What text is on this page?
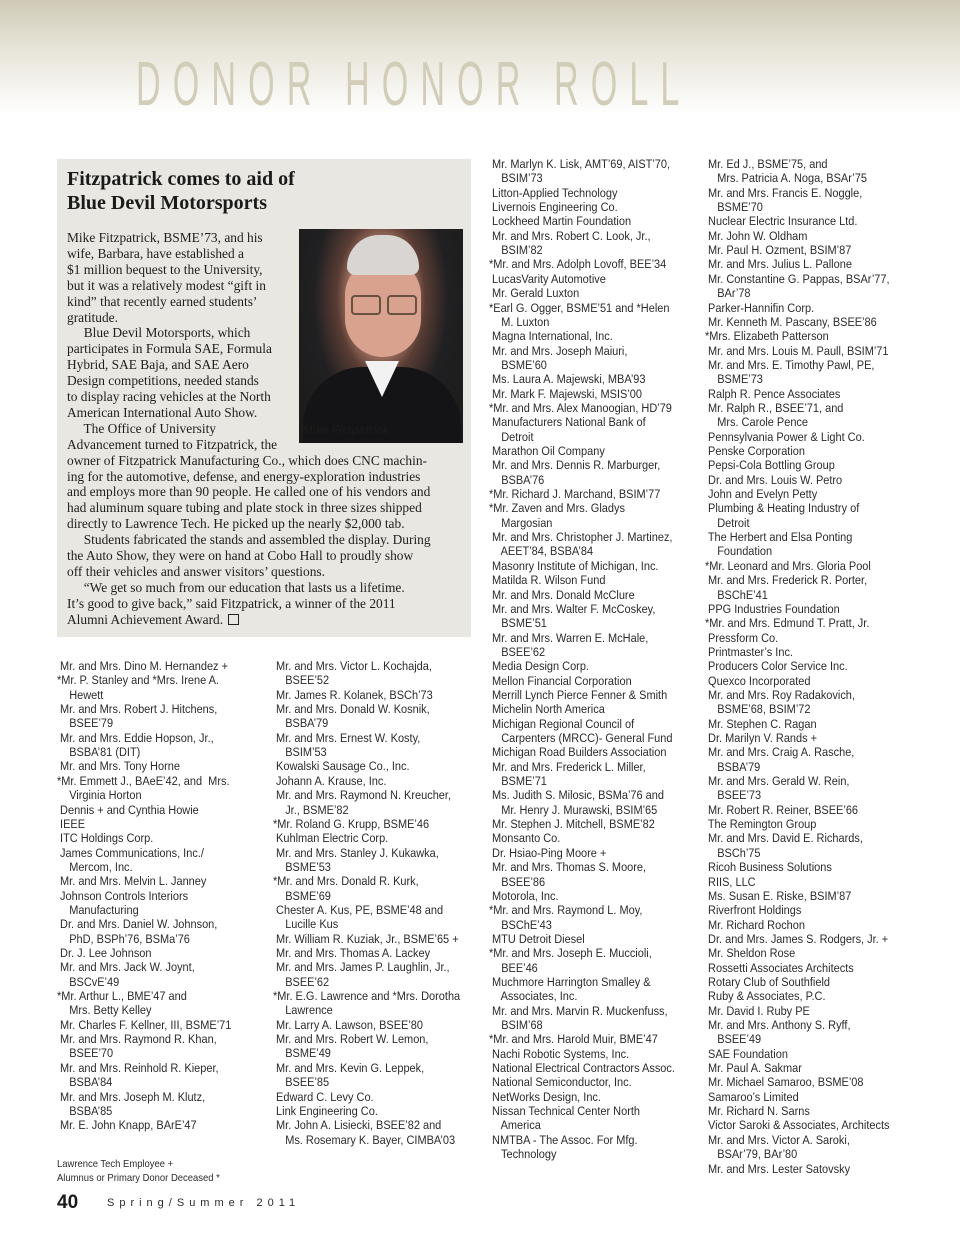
DONOR HONOR ROLL
Fitzpatrick comes to aid of
Blue Devil Motorsports
Mike Fitzpatrick
Mike Fitzpatrick, BSME’73, and his
wife, Barbara, have established a
$1 million bequest to the University,
but it was a relatively modest “gift in
kind” that recently earned students’
gratitude.
Blue Devil Motorsports, which
participates in Formula SAE, Formula
Hybrid, SAE Baja, and SAE Aero
Design competitions, needed stands
to display racing vehicles at the North
American International Auto Show.
The Office of University
Advancement turned to Fitzpatrick, the
owner of Fitzpatrick Manufacturing Co., which does CNC machin-
ing for the automotive, defense, and energy-exploration industries
and employs more than 90 people. He called one of his vendors and
had aluminum square tubing and plate stock in three sizes shipped
directly to Lawrence Tech. He picked up the nearly $2,000 tab.
Students fabricated the stands and assembled the display. During
the Auto Show, they were on hand at Cobo Hall to proudly show
off their vehicles and answer visitors’ questions.
“We get so much from our education that lasts us a lifetime.
It’s good to give back,” said Fitzpatrick, a winner of the 2011
Alumni Achievement Award.
Mr. and Mrs. Dino M. Hernandez +
*Mr. P. Stanley and *Mrs. Irene A.
Hewett
Mr. and Mrs. Robert J. Hitchens,
BSEE’79
Mr. and Mrs. Eddie Hopson, Jr.,
BSBA’81 (DIT)
Mr. and Mrs. Tony Horne
*Mr. Emmett J., BAeE’42, and  Mrs.
Virginia Horton
Dennis + and Cynthia Howie
IEEE
ITC Holdings Corp.
James Communications, Inc./
Mercom, Inc.
Mr. and Mrs. Melvin L. Janney
Johnson Controls Interiors
Manufacturing
Dr. and Mrs. Daniel W. Johnson,
PhD, BSPh’76, BSMa’76
Dr. J. Lee Johnson
Mr. and Mrs. Jack W. Joynt,
BSCvE’49
*Mr. Arthur L., BME’47 and
Mrs. Betty Kelley
Mr. Charles F. Kellner, III, BSME’71
Mr. and Mrs. Raymond R. Khan,
BSEE’70
Mr. and Mrs. Reinhold R. Kieper,
BSBA’84
Mr. and Mrs. Joseph M. Klutz,
BSBA’85
Mr. E. John Knapp, BArE’47
Mr. and Mrs. Victor L. Kochajda,
BSEE’52
Mr. James R. Kolanek, BSCh’73
Mr. and Mrs. Donald W. Kosnik,
BSBA’79
Mr. and Mrs. Ernest W. Kosty,
BSIM’53
Kowalski Sausage Co., Inc.
Johann A. Krause, Inc.
Mr. and Mrs. Raymond N. Kreucher,
Jr., BSME’82
*Mr. Roland G. Krupp, BSME’46
Kuhlman Electric Corp.
Mr. and Mrs. Stanley J. Kukawka,
BSME’53
*Mr. and Mrs. Donald R. Kurk,
BSME’69
Chester A. Kus, PE, BSME’48 and
Lucille Kus
Mr. William R. Kuziak, Jr., BSME’65 +
Mr. and Mrs. Thomas A. Lackey
Mr. and Mrs. James P. Laughlin, Jr.,
BSEE’62
*Mr. E.G. Lawrence and *Mrs. Dorotha
Lawrence
Mr. Larry A. Lawson, BSEE’80
Mr. and Mrs. Robert W. Lemon,
BSME’49
Mr. and Mrs. Kevin G. Leppek,
BSEE’85
Edward C. Levy Co.
Link Engineering Co.
Mr. John A. Lisiecki, BSEE’82 and
Ms. Rosemary K. Bayer, CIMBA’03
Mr. Marlyn K. Lisk, AMT’69, AIST’70,
BSIM’73
Litton-Applied Technology
Livernois Engineering Co.
Lockheed Martin Foundation
Mr. and Mrs. Robert C. Look, Jr.,
BSIM’82
*Mr. and Mrs. Adolph Lovoff, BEE’34
LucasVarity Automotive
Mr. Gerald Luxton
*Earl G. Ogger, BSME’51 and *Helen
M. Luxton
Magna International, Inc.
Mr. and Mrs. Joseph Maiuri,
BSME’60
Ms. Laura A. Majewski, MBA’93
Mr. Mark F. Majewski, MSIS’00
*Mr. and Mrs. Alex Manoogian, HD’79
Manufacturers National Bank of
Detroit
Marathon Oil Company
Mr. and Mrs. Dennis R. Marburger,
BSBA’76
*Mr. Richard J. Marchand, BSIM’77
*Mr. Zaven and Mrs. Gladys
Margosian
Mr. and Mrs. Christopher J. Martinez,
AEET’84, BSBA’84
Masonry Institute of Michigan, Inc.
Matilda R. Wilson Fund
Mr. and Mrs. Donald McClure
Mr. and Mrs. Walter F. McCoskey,
BSME’51
Mr. and Mrs. Warren E. McHale,
BSEE’62
Media Design Corp.
Mellon Financial Corporation
Merrill Lynch Pierce Fenner & Smith
Michelin North America
Michigan Regional Council of
Carpenters (MRCC)- General Fund
Michigan Road Builders Association
Mr. and Mrs. Frederick L. Miller,
BSME’71
Ms. Judith S. Milosic, BSMa’76 and
Mr. Henry J. Murawski, BSIM’65
Mr. Stephen J. Mitchell, BSME’82
Monsanto Co.
Dr. Hsiao-Ping Moore +
Mr. and Mrs. Thomas S. Moore,
BSEE’86
Motorola, Inc.
*Mr. and Mrs. Raymond L. Moy,
BSChE’43
MTU Detroit Diesel
*Mr. and Mrs. Joseph E. Muccioli,
BEE’46
Muchmore Harrington Smalley &
Associates, Inc.
Mr. and Mrs. Marvin R. Muckenfuss,
BSIM’68
*Mr. and Mrs. Harold Muir, BME’47
Nachi Robotic Systems, Inc.
National Electrical Contractors Assoc.
National Semiconductor, Inc.
NetWorks Design, Inc.
Nissan Technical Center North
America
NMTBA - The Assoc. For Mfg.
Technology
Mr. Ed J., BSME’75, and
Mrs. Patricia A. Noga, BSAr’75
Mr. and Mrs. Francis E. Noggle,
BSME’70
Nuclear Electric Insurance Ltd.
Mr. John W. Oldham
Mr. Paul H. Ozment, BSIM’87
Mr. and Mrs. Julius L. Pallone
Mr. Constantine G. Pappas, BSAr’77,
BAr’78
Parker-Hannifin Corp.
Mr. Kenneth M. Pascany, BSEE’86
*Mrs. Elizabeth Patterson
Mr. and Mrs. Louis M. Paull, BSIM’71
Mr. and Mrs. E. Timothy Pawl, PE,
BSME’73
Ralph R. Pence Associates
Mr. Ralph R., BSEE’71, and
Mrs. Carole Pence
Pennsylvania Power & Light Co.
Penske Corporation
Pepsi-Cola Bottling Group
Dr. and Mrs. Louis W. Petro
John and Evelyn Petty
Plumbing & Heating Industry of
Detroit
The Herbert and Elsa Ponting
Foundation
*Mr. Leonard and Mrs. Gloria Pool
Mr. and Mrs. Frederick R. Porter,
BSChE’41
PPG Industries Foundation
*Mr. and Mrs. Edmund T. Pratt, Jr.
Pressform Co.
Printmaster’s Inc.
Producers Color Service Inc.
Quexco Incorporated
Mr. and Mrs. Roy Radakovich,
BSME’68, BSIM’72
Mr. Stephen C. Ragan
Dr. Marilyn V. Rands +
Mr. and Mrs. Craig A. Rasche,
BSBA’79
Mr. and Mrs. Gerald W. Rein,
BSEE’73
Mr. Robert R. Reiner, BSEE’66
The Remington Group
Mr. and Mrs. David E. Richards,
BSCh’75
Ricoh Business Solutions
RIIS, LLC
Ms. Susan E. Riske, BSIM’87
Riverfront Holdings
Mr. Richard Rochon
Dr. and Mrs. James S. Rodgers, Jr. +
Mr. Sheldon Rose
Rossetti Associates Architects
Rotary Club of Southfield
Ruby & Associates, P.C.
Mr. David I. Ruby PE
Mr. and Mrs. Anthony S. Ryff,
BSEE’49
SAE Foundation
Mr. Paul A. Sakmar
Mr. Michael Samaroo, BSME’08
Samaroo’s Limited
Mr. Richard N. Sarns
Victor Saroki & Associates, Architects
Mr. and Mrs. Victor A. Saroki,
BSAr’79, BAr’80
Mr. and Mrs. Lester Satovsky
Lawrence Tech Employee +
Alumnus or Primary Donor Deceased *
40	Spring/Summer 2011
